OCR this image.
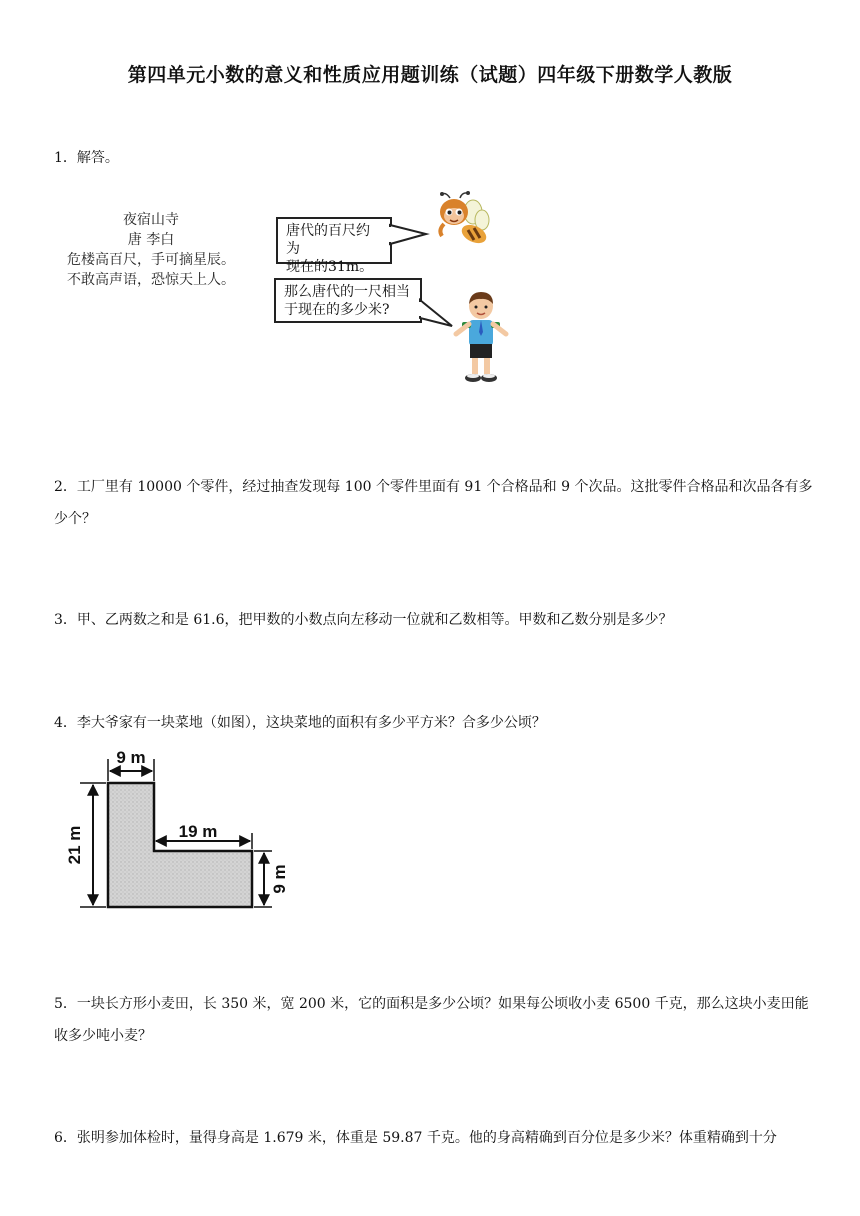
第四单元小数的意义和性质应用题训练（试题）四年级下册数学人教版
1．解答。
夜宿山寺
唐 李白
危楼高百尺，手可摘星辰。
不敢高声语，恐惊天上人。
唐代的百尺约为
现在的31m。
那么唐代的一尺相当
于现在的多少米?
2．工厂里有 10000 个零件，经过抽查发现每 100 个零件里面有 91 个合格品和 9 个次品。这批零件合格品和次品各有多少个？
3．甲、乙两数之和是 61.6，把甲数的小数点向左移动一位就和乙数相等。甲数和乙数分别是多少？
4．李大爷家有一块菜地（如图），这块菜地的面积有多少平方米？合多少公顷？
9 m
21 m	19 m
9 m
5．一块长方形小麦田，长 350 米，宽 200 米，它的面积是多少公顷？如果每公顷收小麦 6500 千克，那么这块小麦田能收多少吨小麦？
6．张明参加体检时，量得身高是 1.679 米，体重是 59.87 千克。他的身高精确到百分位是多少米？体重精确到十分
